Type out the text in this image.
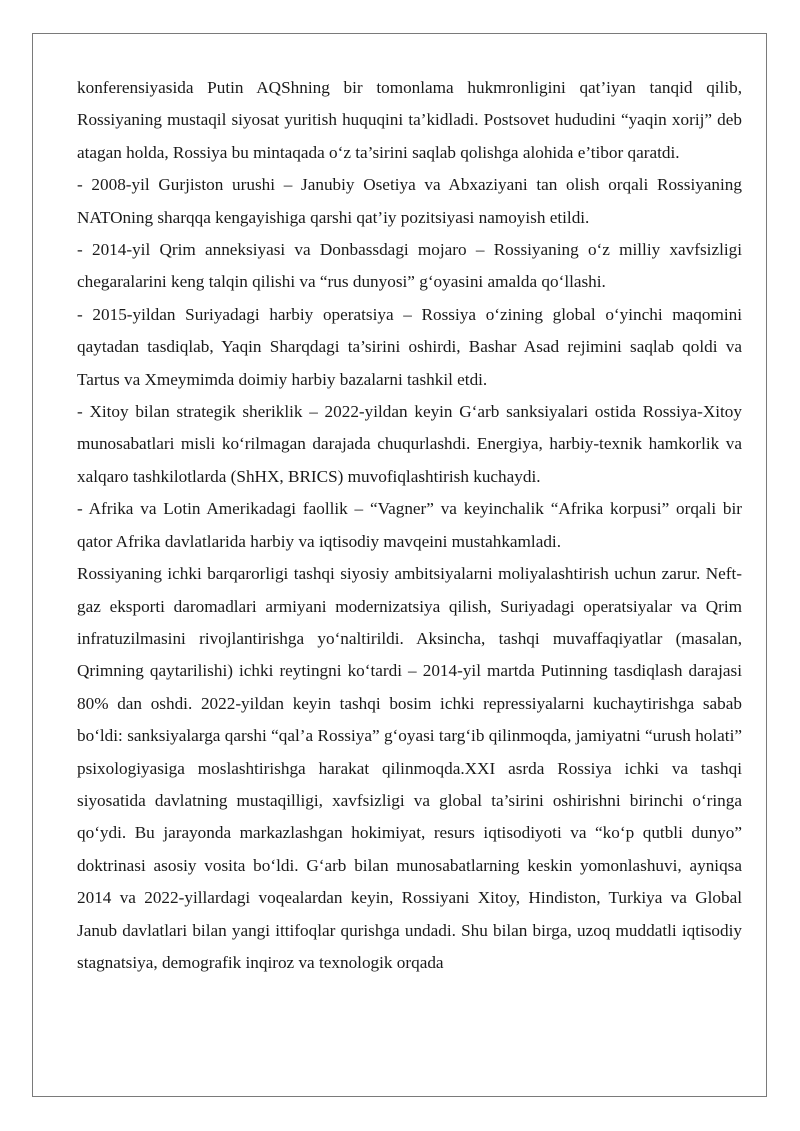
konferensiyasida Putin AQShning bir tomonlama hukmronligini qat’iyan tanqid qilib, Rossiyaning mustaqil siyosat yuritish huquqini ta’kidladi. Postsovet hududini “yaqin xorij” deb atagan holda, Rossiya bu mintaqada o‘z ta’sirini saqlab qolishga alohida e’tibor qaratdi.

- 2008-yil Gurjiston urushi – Janubiy Osetiya va Abxaziyani tan olish orqali Rossiyaning NATOning sharqqa kengayishiga qarshi qat’iy pozitsiyasi namoyish etildi.

- 2014-yil Qrim anneksiyasi va Donbassdagi mojaro – Rossiyaning o‘z milliy xavfsizligi chegaralarini keng talqin qilishi va “rus dunyosi” g‘oyasini amalda qo‘llashi.

- 2015-yildan Suriyadagi harbiy operatsiya – Rossiya o‘zining global o‘yinchi maqomini qaytadan tasdiqlab, Yaqin Sharqdagi ta’sirini oshirdi, Bashar Asad rejimini saqlab qoldi va Tartus va Xmeymimda doimiy harbiy bazalarni tashkil etdi.

- Xitoy bilan strategik sheriklik – 2022-yildan keyin G‘arb sanksiyalari ostida Rossiya-Xitoy munosabatlari misli ko‘rilmagan darajada chuqurlashdi. Energiya, harbiy-texnik hamkorlik va xalqaro tashkilotlarda (ShHX, BRICS) muvofiqlashtirish kuchaydi.

- Afrika va Lotin Amerikadagi faollik – “Vagner” va keyinchalik “Afrika korpusi” orqali bir qator Afrika davlatlarida harbiy va iqtisodiy mavqeini mustahkamladi.

Rossiyaning ichki barqarorligi tashqi siyosiy ambitsiyalarni moliyalashtirish uchun zarur. Neft-gaz eksporti daromadlari armiyani modernizatsiya qilish, Suriyadagi operatsiyalar va Qrim infratuzilmasini rivojlantirishga yo‘naltirildi. Aksincha, tashqi muvaffaqiyatlar (masalan, Qrimning qaytarilishi) ichki reytingni ko‘tardi – 2014-yil martda Putinning tasdiqlash darajasi 80% dan oshdi. 2022-yildan keyin tashqi bosim ichki repressiyalarni kuchaytirishga sabab bo‘ldi: sanksiyalarga qarshi “qal’a Rossiya” g‘oyasi targ‘ib qilinmoqda, jamiyatni “urush holati” psixologiyasiga moslashtirishga harakat qilinmoqda.XXI asrda Rossiya ichki va tashqi siyosatida davlatning mustaqilligi, xavfsizligi va global ta’sirini oshirishni birinchi o‘ringa qo‘ydi. Bu jarayonda markazlashgan hokimiyat, resurs iqtisodiyoti va “ko‘p qutbli dunyo” doktrinasi asosiy vosita bo‘ldi. G‘arb bilan munosabatlarning keskin yomonlashuvi, ayniqsa 2014 va 2022-yillardagi voqealardan keyin, Rossiyani Xitoy, Hindiston, Turkiya va Global Janub davlatlari bilan yangi ittifoqlar qurishga undadi. Shu bilan birga, uzoq muddatli iqtisodiy stagnatsiya, demografik inqiroz va texnologik orqada
